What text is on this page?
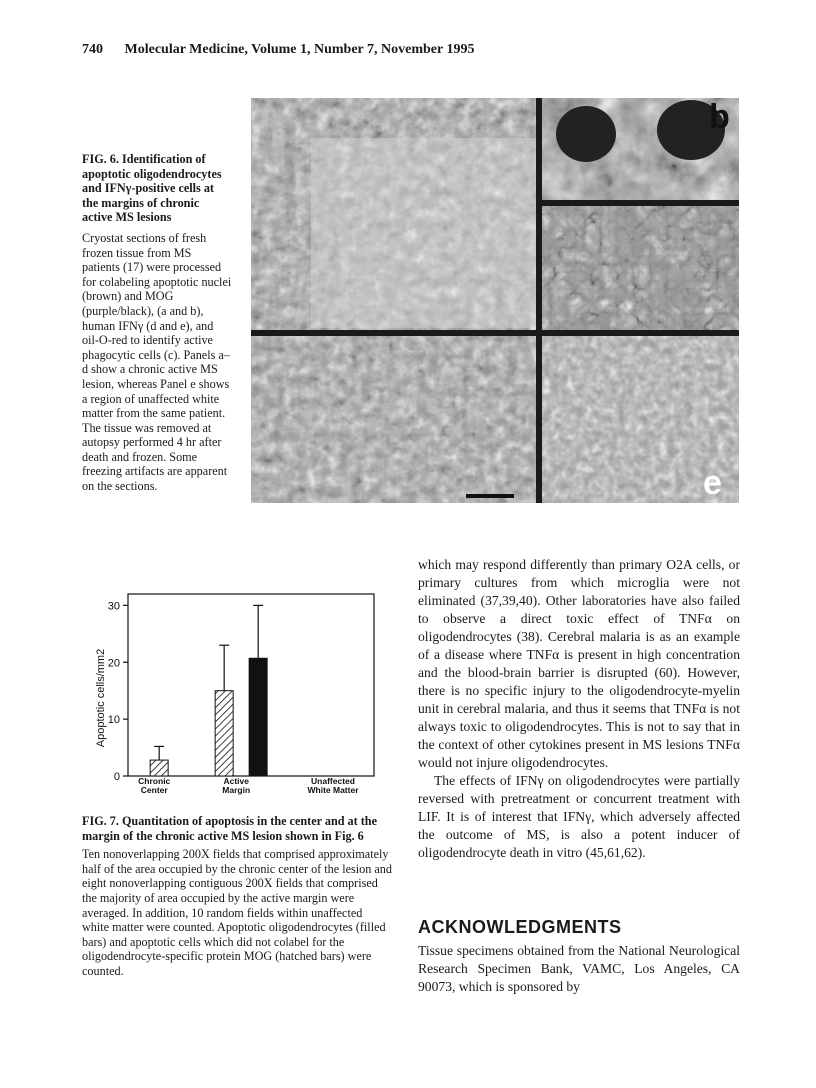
740 Molecular Medicine, Volume 1, Number 7, November 1995
FIG. 6. Identification of apoptotic oligodendrocytes and IFNγ-positive cells at the margins of chronic active MS lesions
Cryostat sections of fresh frozen tissue from MS patients (17) were processed for colabeling apoptotic nuclei (brown) and MOG (purple/black), (a and b), human IFNγ (d and e), and oil-O-red to identify active phagocytic cells (c). Panels a–d show a chronic active MS lesion, whereas Panel e shows a region of unaffected white matter from the same patient. The tissue was removed at autopsy performed 4 hr after death and frozen. Some freezing artifacts are apparent on the sections.
b
e
0
10
20
30
Chronic
Center
Active
Margin
Unaffected
White Matter
Apoptotic cells/mm2
FIG. 7. Quantitation of apoptosis in the center and at the margin of the chronic active MS lesion shown in Fig. 6
Ten nonoverlapping 200X fields that comprised approximately half of the area occupied by the chronic center of the lesion and eight nonoverlapping contiguous 200X fields that comprised the majority of area occupied by the active margin were averaged. In addition, 10 random fields within unaffected white matter were counted. Apoptotic oligodendrocytes (filled bars) and apoptotic cells which did not colabel for the oligodendrocyte-specific protein MOG (hatched bars) were counted.

which may respond differently than primary O2A cells, or primary cultures from which microglia were not eliminated (37,39,40). Other laboratories have also failed to observe a direct toxic effect of TNFα on oligodendrocytes (38). Cerebral malaria is as an example of a disease where TNFα is present in high concentration and the blood-brain barrier is disrupted (60). However, there is no specific injury to the oligodendrocyte-myelin unit in cerebral malaria, and thus it seems that TNFα is not always toxic to oligodendrocytes. This is not to say that in the context of other cytokines present in MS lesions TNFα would not injure oligodendrocytes.

The effects of IFNγ on oligodendrocytes were partially reversed with pretreatment or concurrent treatment with LIF. It is of interest that IFNγ, which adversely affected the outcome of MS, is also a potent inducer of oligodendrocyte death in vitro (45,61,62).

ACKNOWLEDGMENTS
Tissue specimens obtained from the National Neurological Research Specimen Bank, VAMC, Los Angeles, CA 90073, which is sponsored by
